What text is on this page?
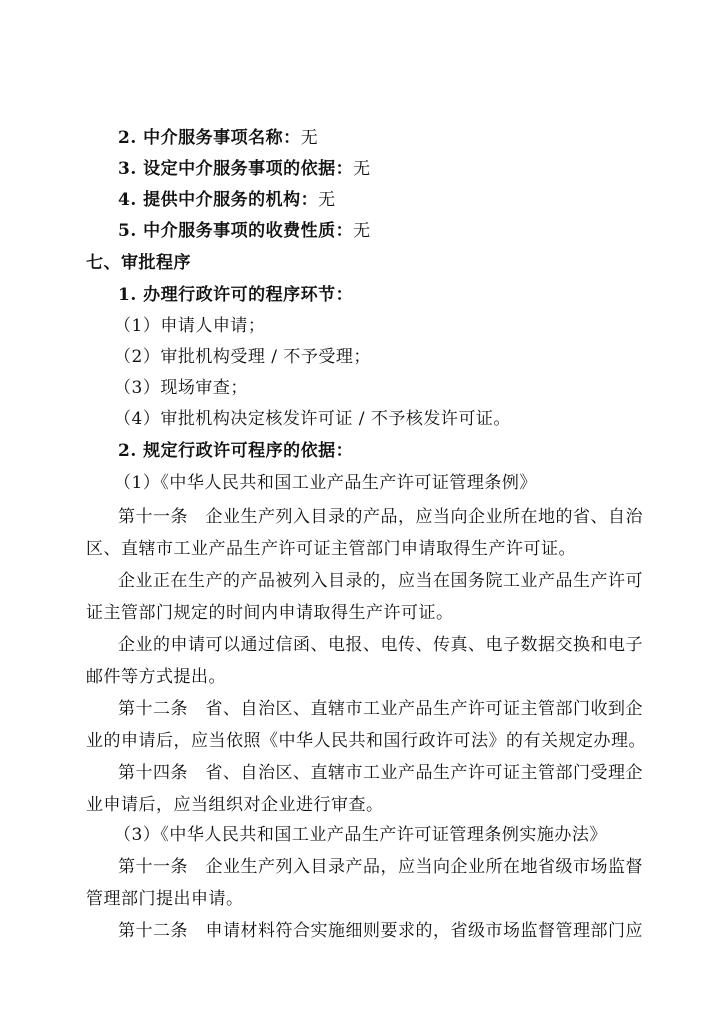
2. 中介服务事项名称：无
3. 设定中介服务事项的依据：无
4. 提供中介服务的机构：无
5. 中介服务事项的收费性质：无
七、审批程序
1. 办理行政许可的程序环节：
（1）申请人申请；
（2）审批机构受理 / 不予受理；
（3）现场审查；
（4）审批机构决定核发许可证 / 不予核发许可证。
2. 规定行政许可程序的依据：
（1）《中华人民共和国工业产品生产许可证管理条例》
第十一条　企业生产列入目录的产品，应当向企业所在地的省、自治
区、直辖市工业产品生产许可证主管部门申请取得生产许可证。
企业正在生产的产品被列入目录的，应当在国务院工业产品生产许可
证主管部门规定的时间内申请取得生产许可证。
企业的申请可以通过信函、电报、电传、传真、电子数据交换和电子
邮件等方式提出。
第十二条　省、自治区、直辖市工业产品生产许可证主管部门收到企
业的申请后，应当依照《中华人民共和国行政许可法》的有关规定办理。
第十四条　省、自治区、直辖市工业产品生产许可证主管部门受理企
业申请后，应当组织对企业进行审查。
（3）《中华人民共和国工业产品生产许可证管理条例实施办法》
第十一条　企业生产列入目录产品，应当向企业所在地省级市场监督
管理部门提出申请。
第十二条　申请材料符合实施细则要求的，省级市场监督管理部门应
